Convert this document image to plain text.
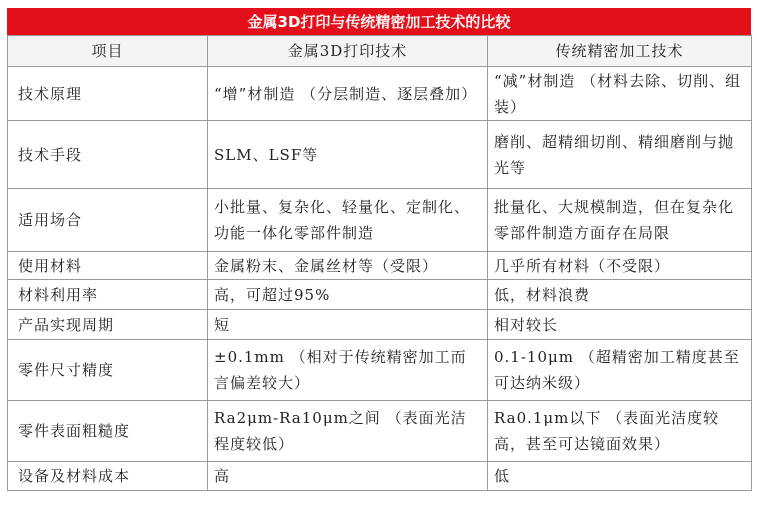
金属3D打印与传统精密加工技术的比较
项目	金属3D打印技术	传统精密加工技术
技术原理	“增”材制造 （分层制造、逐层叠加）	“减”材制造 （材料去除、切削、组装）
技术手段	SLM、LSF等	磨削、超精细切削、精细磨削与抛光等
适用场合	小批量、复杂化、轻量化、定制化、功能一体化零部件制造	批量化、大规模制造，但在复杂化零部件制造方面存在局限
使用材料	金属粉末、金属丝材等（受限）	几乎所有材料（不受限）
材料利用率	高，可超过95%	低，材料浪费
产品实现周期	短	相对较长
零件尺寸精度	±0.1mm （相对于传统精密加工而言偏差较大）	0.1-10μm （超精密加工精度甚至可达纳米级）
零件表面粗糙度	Ra2μm-Ra10μm之间 （表面光洁程度较低）	Ra0.1μm以下 （表面光洁度较高，甚至可达镜面效果）
设备及材料成本	高	低
